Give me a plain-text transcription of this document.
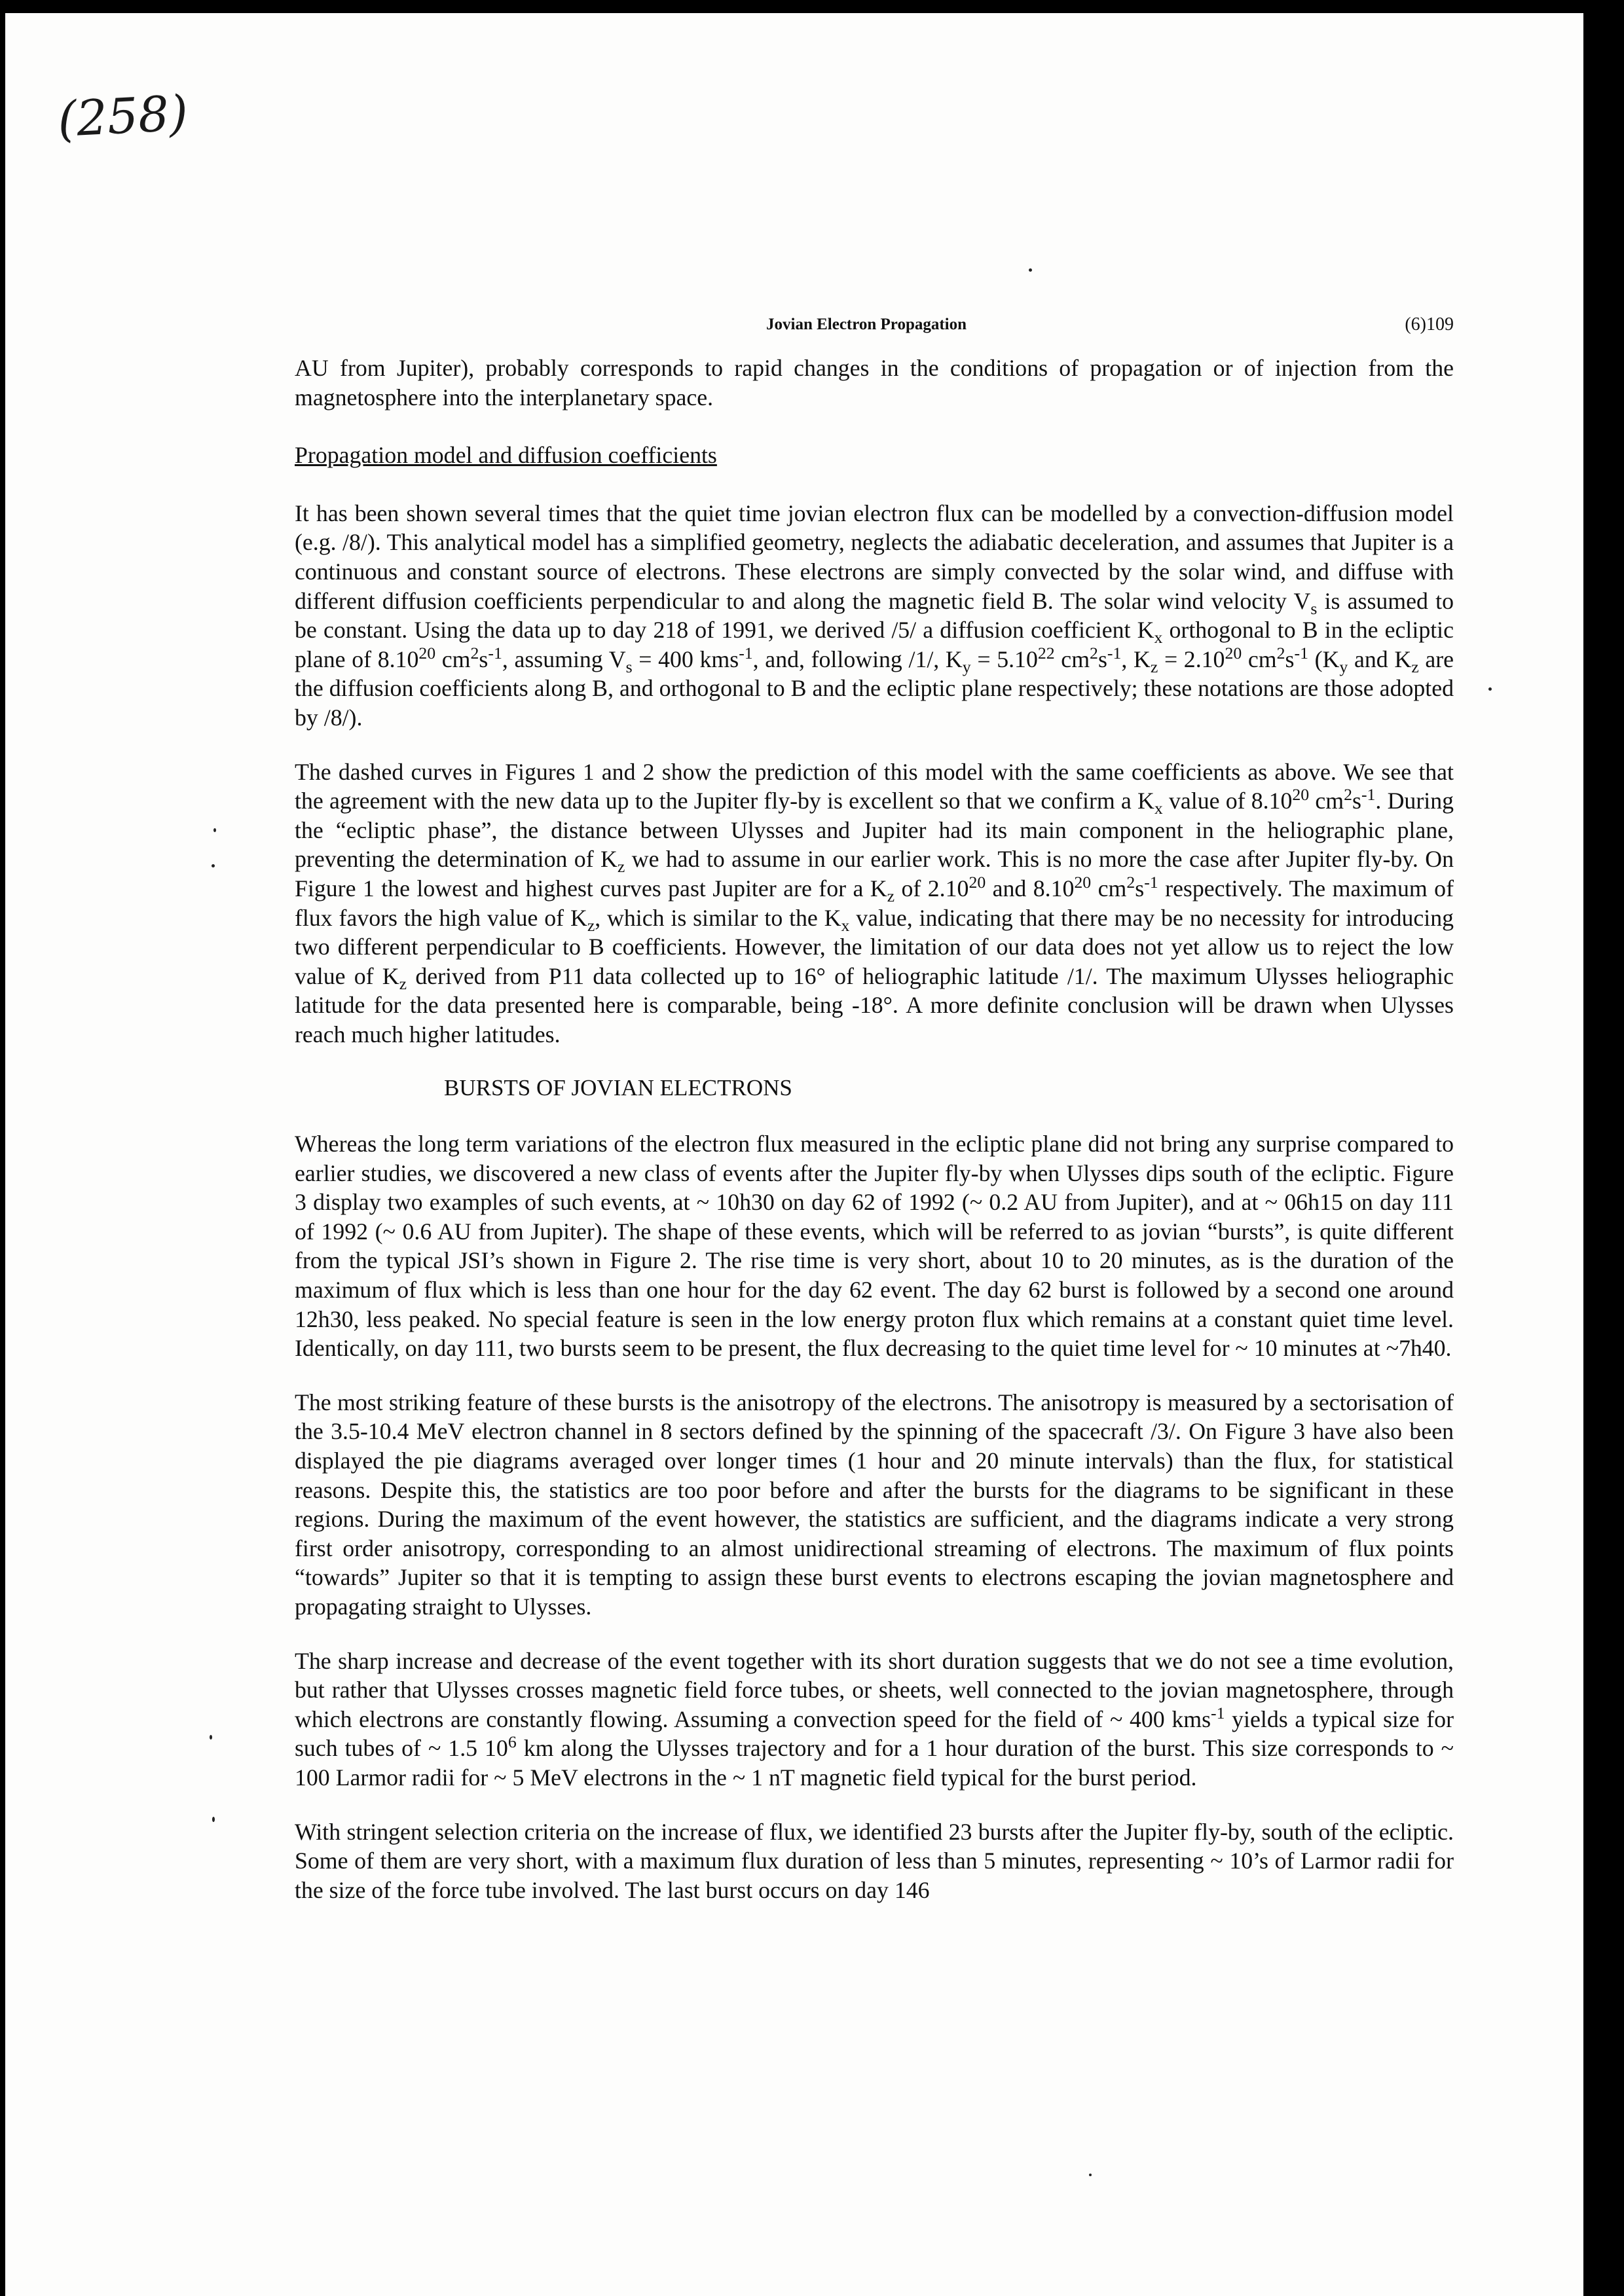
(258)
Jovian Electron Propagation	(6)109

AU from Jupiter), probably corresponds to rapid changes in the conditions of propagation or of injection from the magnetosphere into the interplanetary space.

Propagation model and diffusion coefficients

It has been shown several times that the quiet time jovian electron flux can be modelled by a convection-diffusion model (e.g. /8/). This analytical model has a simplified geometry, neglects the adiabatic deceleration, and assumes that Jupiter is a continuous and constant source of electrons. These electrons are simply convected by the solar wind, and diffuse with different diffusion coefficients perpendicular to and along the magnetic field B. The solar wind velocity $V_s$ is assumed to be constant. Using the data up to day 218 of 1991, we derived /5/ a diffusion coefficient $K_x$ orthogonal to B in the ecliptic plane of 8.10$^{20}$ $cm^2s^{-1}$, assuming $V_s = 400$ kms$^{-1}$, and, following /1/, $K_y = 5.10^{22}$ $cm^2s^{-1}$, $K_z = 2.10^{20}$ $cm^2s^{-1}$ ($K_y$ and $K_z$ are the diffusion coefficients along B, and orthogonal to B and the ecliptic plane respectively; these notations are those adopted by /8/).

The dashed curves in Figures 1 and 2 show the prediction of this model with the same coefficients as above. We see that the agreement with the new data up to the Jupiter fly-by is excellent so that we confirm a $K_x$ value of 8.10$^{20}$ $cm^2s^{-1}$. During the “ecliptic phase”, the distance between Ulysses and Jupiter had its main component in the heliographic plane, preventing the determination of $K_z$ we had to assume in our earlier work. This is no more the case after Jupiter fly-by. On Figure 1 the lowest and highest curves past Jupiter are for a $K_z$ of 2.10$^{20}$ and 8.10$^{20}$ $cm^2s^{-1}$ respectively. The maximum of flux favors the high value of $K_z$, which is similar to the $K_x$ value, indicating that there may be no necessity for introducing two different perpendicular to B coefficients. However, the limitation of our data does not yet allow us to reject the low value of $K_z$ derived from P11 data collected up to 16° of heliographic latitude /1/. The maximum Ulysses heliographic latitude for the data presented here is comparable, being -18°. A more definite conclusion will be drawn when Ulysses reach much higher latitudes.

BURSTS OF JOVIAN ELECTRONS

Whereas the long term variations of the electron flux measured in the ecliptic plane did not bring any surprise compared to earlier studies, we discovered a new class of events after the Jupiter fly-by when Ulysses dips south of the ecliptic. Figure 3 display two examples of such events, at ~ 10h30 on day 62 of 1992 (~ 0.2 AU from Jupiter), and at ~ 06h15 on day 111 of 1992 (~ 0.6 AU from Jupiter). The shape of these events, which will be referred to as jovian “bursts”, is quite different from the typical JSI’s shown in Figure 2. The rise time is very short, about 10 to 20 minutes, as is the duration of the maximum of flux which is less than one hour for the day 62 event. The day 62 burst is followed by a second one around 12h30, less peaked. No special feature is seen in the low energy proton flux which remains at a constant quiet time level. Identically, on day 111, two bursts seem to be present, the flux decreasing to the quiet time level for ~ 10 minutes at ~7h40.

The most striking feature of these bursts is the anisotropy of the electrons. The anisotropy is measured by a sectorisation of the 3.5-10.4 MeV electron channel in 8 sectors defined by the spinning of the spacecraft /3/. On Figure 3 have also been displayed the pie diagrams averaged over longer times (1 hour and 20 minute intervals) than the flux, for statistical reasons. Despite this, the statistics are too poor before and after the bursts for the diagrams to be significant in these regions. During the maximum of the event however, the statistics are sufficient, and the diagrams indicate a very strong first order anisotropy, corresponding to an almost unidirectional streaming of electrons. The maximum of flux points “towards” Jupiter so that it is tempting to assign these burst events to electrons escaping the jovian magnetosphere and propagating straight to Ulysses.

The sharp increase and decrease of the event together with its short duration suggests that we do not see a time evolution, but rather that Ulysses crosses magnetic field force tubes, or sheets, well connected to the jovian magnetosphere, through which electrons are constantly flowing. Assuming a convection speed for the field of ~ 400 kms$^{-1}$ yields a typical size for such tubes of ~ 1.5 $10^6$ km along the Ulysses trajectory and for a 1 hour duration of the burst. This size corresponds to ~ 100 Larmor radii for ~ 5 MeV electrons in the ~ 1 nT magnetic field typical for the burst period.

With stringent selection criteria on the increase of flux, we identified 23 bursts after the Jupiter fly-by, south of the ecliptic. Some of them are very short, with a maximum flux duration of less than 5 minutes, representing ~ 10’s of Larmor radii for the size of the force tube involved. The last burst occurs on day 146
